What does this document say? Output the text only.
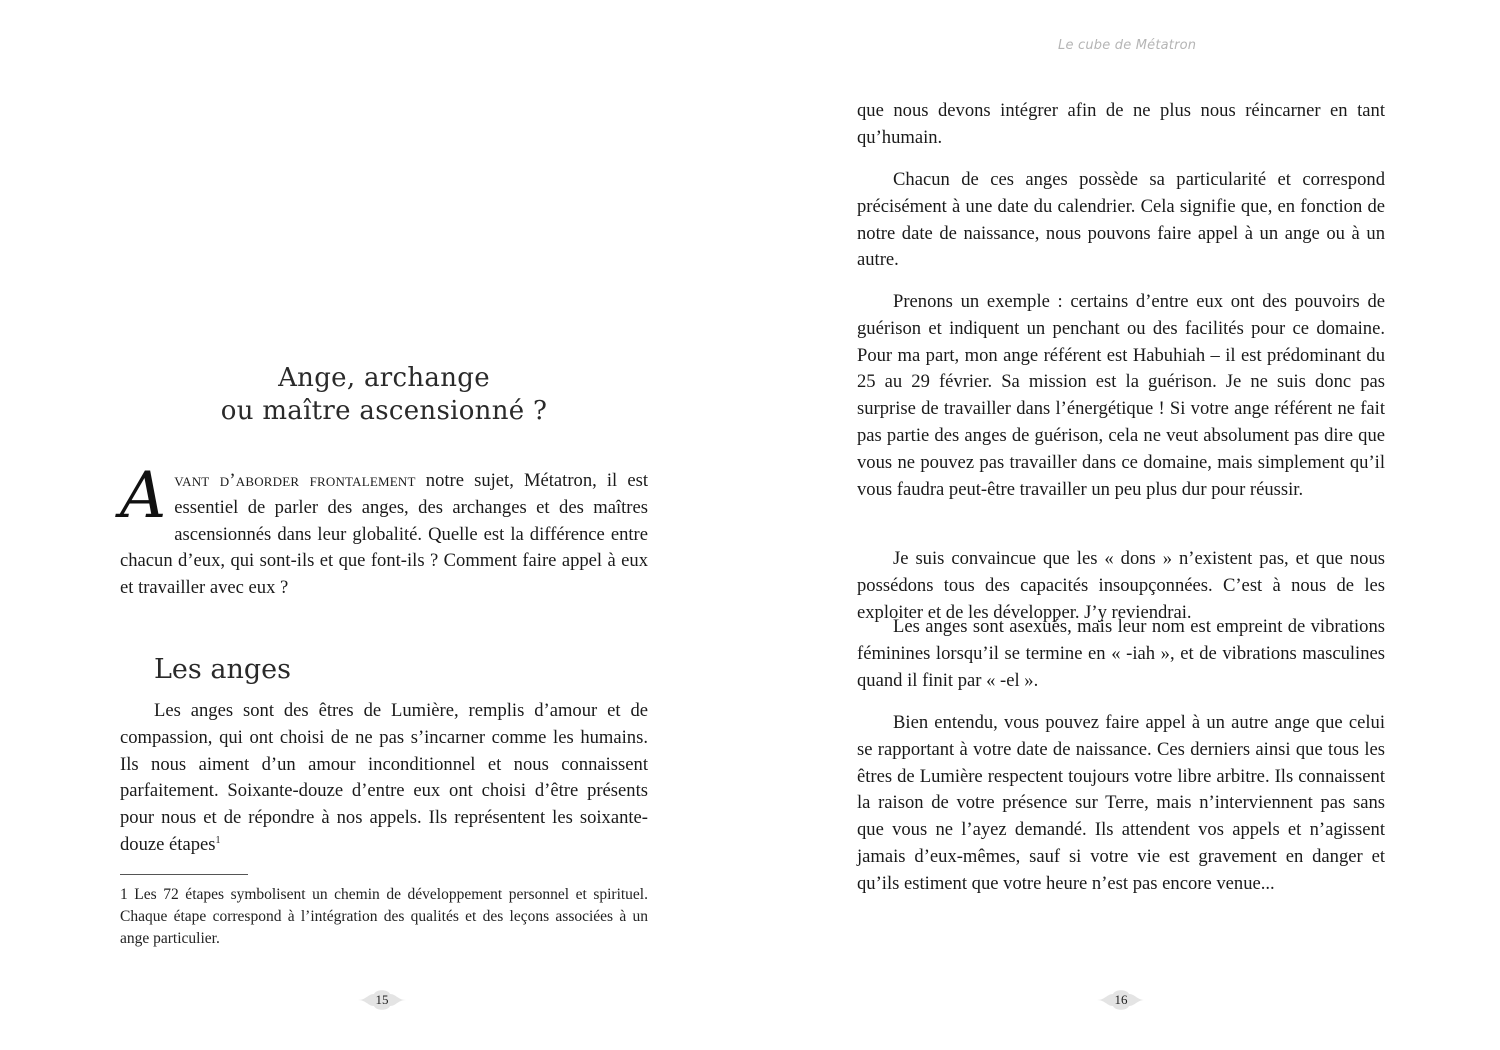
Ange, archange
ou maître ascensionné ?

Avant d’aborder frontalement notre sujet, Métatron, il est essentiel de parler des anges, des archanges et des maîtres ascensionnés dans leur globalité. Quelle est la différence entre chacun d’eux, qui sont-ils et que font-ils ? Comment faire appel à eux et travailler avec eux ?

Les anges

Les anges sont des êtres de Lumière, remplis d’amour et de compassion, qui ont choisi de ne pas s’incarner comme les humains. Ils nous aiment d’un amour inconditionnel et nous connaissent parfaitement. Soixante-douze d’entre eux ont choisi d’être présents pour nous et de répondre à nos appels. Ils représentent les soixante-douze étapes$^1$

1 Les 72 étapes symbolisent un chemin de développement personnel et spirituel. Chaque étape correspond à l’intégration des qualités et des leçons associées à un ange particulier.

15
Le cube de Métatron

que nous devons intégrer afin de ne plus nous réincarner en tant qu’humain.

Chacun de ces anges possède sa particularité et correspond précisément à une date du calendrier. Cela signifie que, en fonction de notre date de naissance, nous pouvons faire appel à un ange ou à un autre.

Prenons un exemple : certains d’entre eux ont des pouvoirs de guérison et indiquent un penchant ou des facilités pour ce domaine. Pour ma part, mon ange référent est Habuhiah – il est prédominant du 25 au 29 février. Sa mission est la guérison. Je ne suis donc pas surprise de travailler dans l’énergétique ! Si votre ange référent ne fait pas partie des anges de guérison, cela ne veut absolument pas dire que vous ne pouvez pas travailler dans ce domaine, mais simplement qu’il vous faudra peut-être travailler un peu plus dur pour réussir.

Je suis convaincue que les « dons » n’existent pas, et que nous possédons tous des capacités insoupçonnées. C’est à nous de les exploiter et de les développer. J’y reviendrai.

Les anges sont asexués, mais leur nom est empreint de vibrations féminines lorsqu’il se termine en « -iah », et de vibrations masculines quand il finit par « -el ».

Bien entendu, vous pouvez faire appel à un autre ange que celui se rapportant à votre date de naissance. Ces derniers ainsi que tous les êtres de Lumière respectent toujours votre libre arbitre. Ils connaissent la raison de votre présence sur Terre, mais n’interviennent pas sans que vous ne l’ayez demandé. Ils attendent vos appels et n’agissent jamais d’eux-mêmes, sauf si votre vie est gravement en danger et qu’ils estiment que votre heure n’est pas encore venue...

16
